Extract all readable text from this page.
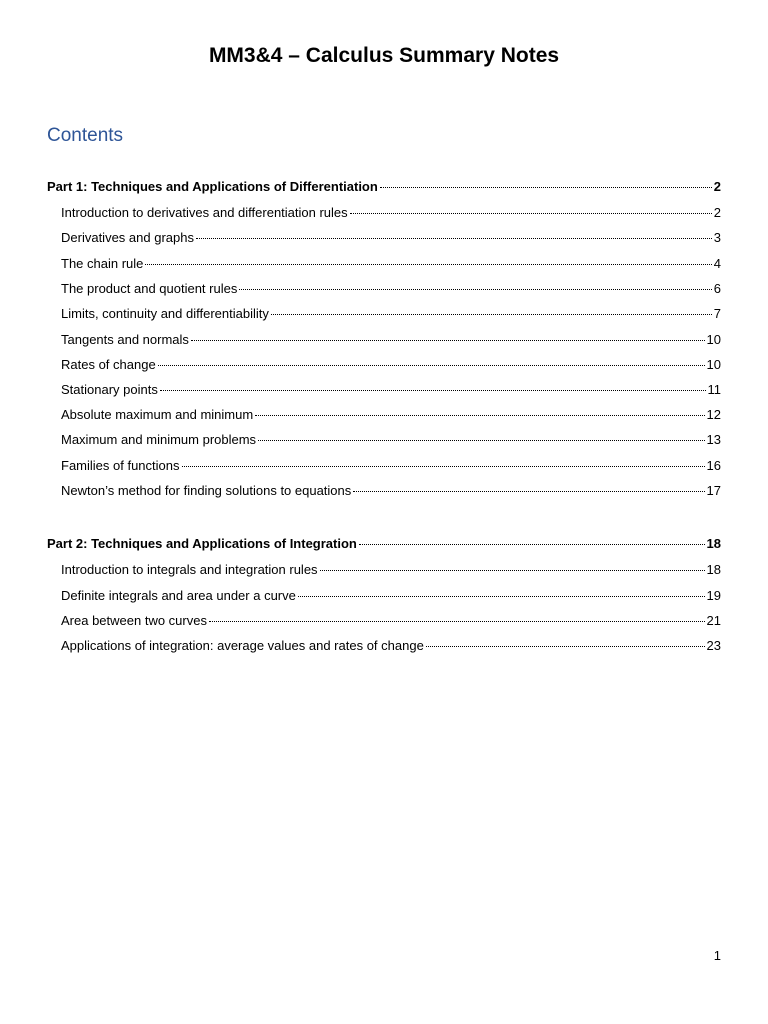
MM3&4 – Calculus Summary Notes
Contents
Part 1: Techniques and Applications of Differentiation	2
Introduction to derivatives and differentiation rules	2
Derivatives and graphs	3
The chain rule	4
The product and quotient rules	6
Limits, continuity and differentiability	7
Tangents and normals	10
Rates of change	10
Stationary points	11
Absolute maximum and minimum	12
Maximum and minimum problems	13
Families of functions	16
Newton’s method for finding solutions to equations	17
Part 2: Techniques and Applications of Integration	18
Introduction to integrals and integration rules	18
Definite integrals and area under a curve	19
Area between two curves	21
Applications of integration: average values and rates of change	23
1
